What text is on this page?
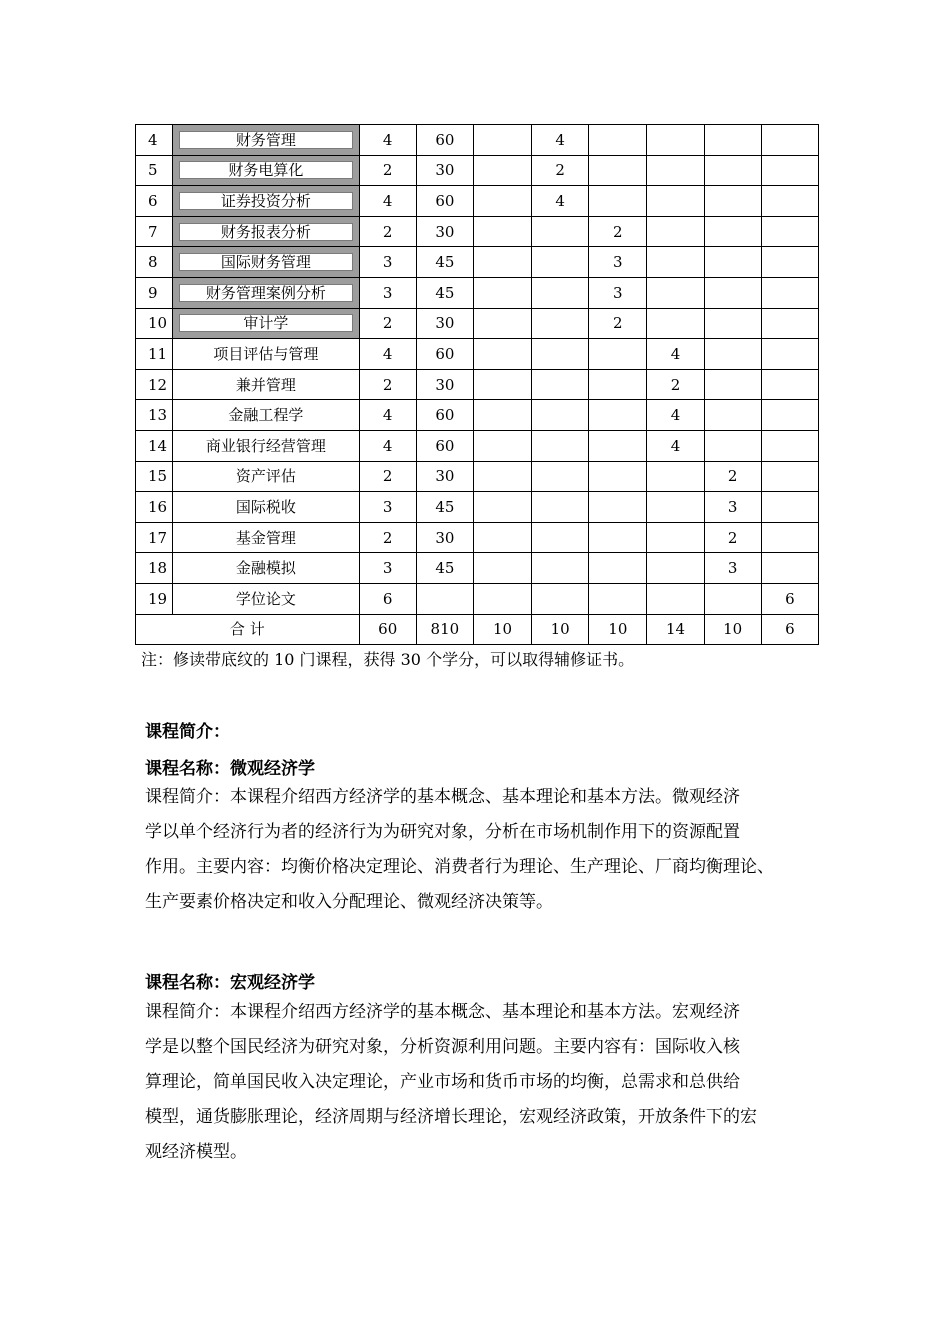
4	财务管理	4	60		4				
5	财务电算化	2	30		2				
6	证券投资分析	4	60		4				
7	财务报表分析	2	30			2			
8	国际财务管理	3	45			3			
9	财务管理案例分析	3	45			3			
10	审计学	2	30			2			
11	项目评估与管理	4	60				4		
12	兼并管理	2	30				2		
13	金融工程学	4	60				4		
14	商业银行经营管理	4	60				4		
15	资产评估	2	30					2	
16	国际税收	3	45					3	
17	基金管理	2	30					2	
18	金融模拟	3	45					3	
19	学位论文	6							6
合 计		60	810	10	10	10	14	10	6
注：修读带底纹的 10 门课程，获得 30 个学分，可以取得辅修证书。
课程简介：
课程名称：微观经济学
课程简介：本课程介绍西方经济学的基本概念、基本理论和基本方法。微观经济
学以单个经济行为者的经济行为为研究对象，分析在市场机制作用下的资源配置
作用。主要内容：均衡价格决定理论、消费者行为理论、生产理论、厂商均衡理论、
生产要素价格决定和收入分配理论、微观经济决策等。
课程名称：宏观经济学
课程简介：本课程介绍西方经济学的基本概念、基本理论和基本方法。宏观经济
学是以整个国民经济为研究对象，分析资源利用问题。主要内容有：国际收入核
算理论，简单国民收入决定理论，产业市场和货币市场的均衡，总需求和总供给
模型，通货膨胀理论，经济周期与经济增长理论，宏观经济政策，开放条件下的宏
观经济模型。
